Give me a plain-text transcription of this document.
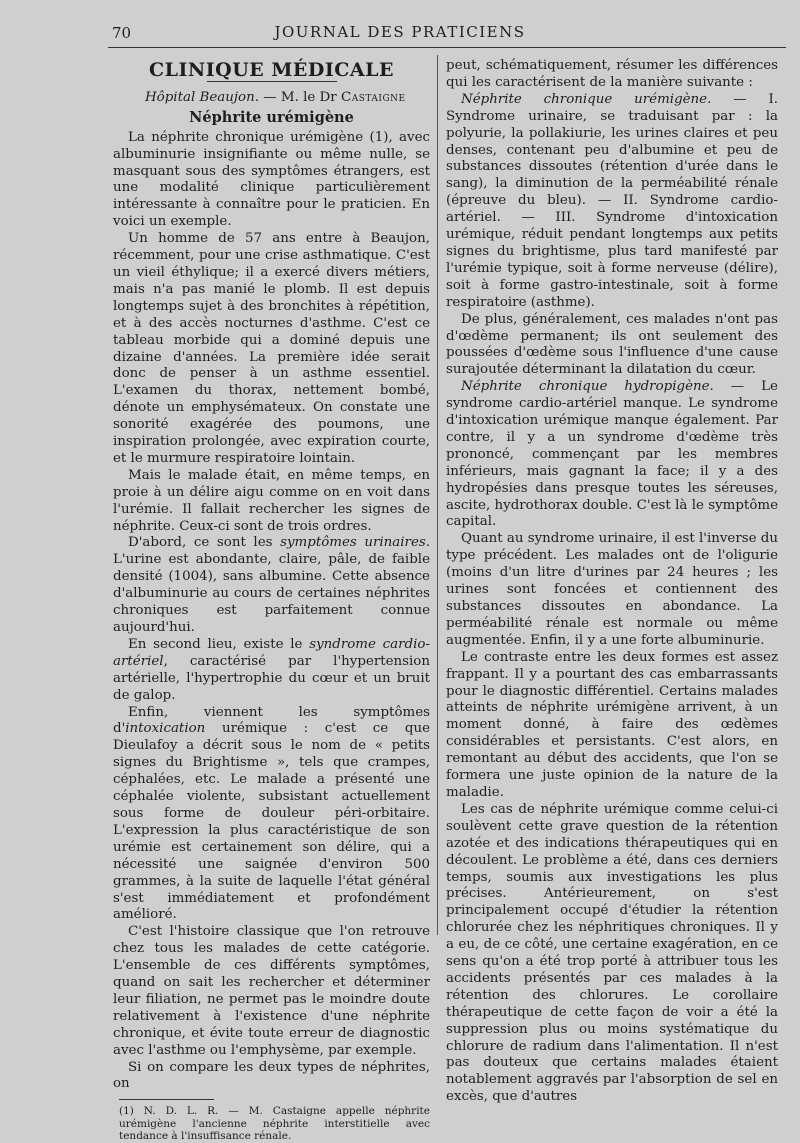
70	JOURNAL DES PRATICIENS
CLINIQUE MÉDICALE
Hôpital Beaujon. — M. le Dr Castaigne
Néphrite urémigène

La néphrite chronique urémigène (1), avec albuminurie insignifiante ou même nulle, se masquant sous des symptômes étrangers, est une modalité clinique particulièrement intéressante à connaître pour le praticien. En voici un exemple.

Un homme de 57 ans entre à Beaujon, récemment, pour une crise asthmatique. C'est un vieil éthylique; il a exercé divers métiers, mais n'a pas manié le plomb. Il est depuis longtemps sujet à des bronchites à répétition, et à des accès nocturnes d'asthme. C'est ce tableau morbide qui a dominé depuis une dizaine d'années. La première idée serait donc de penser à un asthme essentiel. L'examen du thorax, nettement bombé, dénote un emphysémateux. On constate une sonorité exagérée des poumons, une inspiration prolongée, avec expiration courte, et le murmure respiratoire lointain.

Mais le malade était, en même temps, en proie à un délire aigu comme on en voit dans l'urémie. Il fallait rechercher les signes de néphrite. Ceux-ci sont de trois ordres.

D'abord, ce sont les symptômes urinaires. L'urine est abondante, claire, pâle, de faible densité (1004), sans albumine. Cette absence d'albuminurie au cours de certaines néphrites chroniques est parfaitement connue aujourd'hui.

En second lieu, existe le syndrome cardio-artériel, caractérisé par l'hypertension artérielle, l'hypertrophie du cœur et un bruit de galop.

Enfin, viennent les symptômes d'intoxication urémique : c'est ce que Dieulafoy a décrit sous le nom de « petits signes du Brightisme », tels que crampes, céphalées, etc. Le malade a présenté une céphalée violente, subsistant actuellement sous forme de douleur péri-orbitaire. L'expression la plus caractéristique de son urémie est certainement son délire, qui a nécessité une saignée d'environ 500 grammes, à la suite de laquelle l'état général s'est immédiatement et profondément amélioré.

C'est l'histoire classique que l'on retrouve chez tous les malades de cette catégorie. L'ensemble de ces différents symptômes, quand on sait les rechercher et déterminer leur filiation, ne permet pas le moindre doute relativement à l'existence d'une néphrite chronique, et évite toute erreur de diagnostic avec l'asthme ou l'emphysème, par exemple.

Si on compare les deux types de néphrites, on

(1) N. D. L. R. — M. Castaigne appelle néphrite urémigène l'ancienne néphrite interstitielle avec tendance à l'insuffisance rénale.

peut, schématiquement, résumer les différences qui les caractérisent de la manière suivante :

Néphrite chronique urémigène. — I. Syndrome urinaire, se traduisant par : la polyurie, la pollakiurie, les urines claires et peu denses, contenant peu d'albumine et peu de substances dissoutes (rétention d'urée dans le sang), la diminution de la perméabilité rénale (épreuve du bleu). — II. Syndrome cardio-artériel. — III. Syndrome d'intoxication urémique, réduit pendant longtemps aux petits signes du brightisme, plus tard manifesté par l'urémie typique, soit à forme nerveuse (délire), soit à forme gastro-intestinale, soit à forme respiratoire (asthme).

De plus, généralement, ces malades n'ont pas d'œdème permanent; ils ont seulement des poussées d'œdème sous l'influence d'une cause surajoutée déterminant la dilatation du cœur.

Néphrite chronique hydropigène. — Le syndrome cardio-artériel manque. Le syndrome d'intoxication urémique manque également. Par contre, il y a un syndrome d'œdème très prononcé, commençant par les membres inférieurs, mais gagnant la face; il y a des hydropésies dans presque toutes les séreuses, ascite, hydrothorax double. C'est là le symptôme capital.

Quant au syndrome urinaire, il est l'inverse du type précédent. Les malades ont de l'oligurie (moins d'un litre d'urines par 24 heures ; les urines sont foncées et contiennent des substances dissoutes en abondance. La perméabilité rénale est normale ou même augmentée. Enfin, il y a une forte albuminurie.

Le contraste entre les deux formes est assez frappant. Il y a pourtant des cas embarrassants pour le diagnostic différentiel. Certains malades atteints de néphrite urémigène arrivent, à un moment donné, à faire des œdèmes considérables et persistants. C'est alors, en remontant au début des accidents, que l'on se formera une juste opinion de la nature de la maladie.

Les cas de néphrite urémique comme celui-ci soulèvent cette grave question de la rétention azotée et des indications thérapeutiques qui en découlent. Le problème a été, dans ces derniers temps, soumis aux investigations les plus précises. Antérieurement, on s'est principalement occupé d'étudier la rétention chlorurée chez les néphritiques chroniques. Il y a eu, de ce côté, une certaine exagération, en ce sens qu'on a été trop porté à attribuer tous les accidents présentés par ces malades à la rétention des chlorures. Le corollaire thérapeutique de cette façon de voir a été la suppression plus ou moins systématique du chlorure de radium dans l'alimentation. Il n'est pas douteux que certains malades étaient notablement aggravés par l'absorption de sel en excès, que d'autres
